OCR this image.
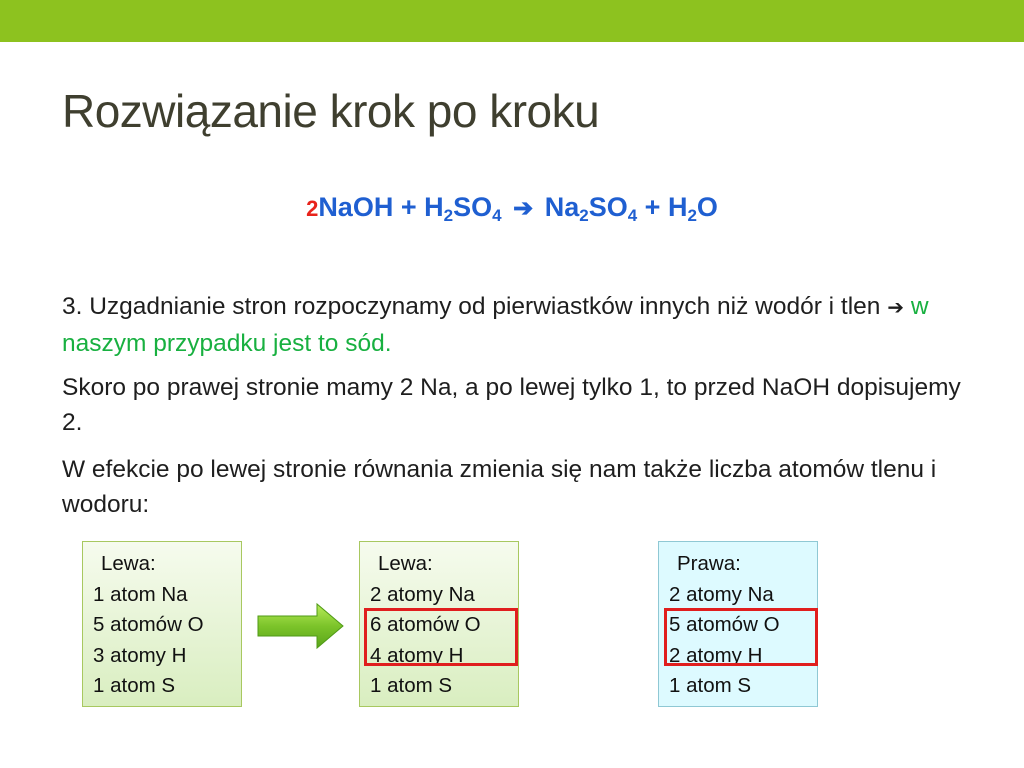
Rozwiązanie krok po kroku
2NaOH + $H_2SO_4$ ➔ $Na_2SO_4 + H_2O$

3. Uzgadnianie stron rozpoczynamy od pierwiastków innych niż wodór i tlen ➔ w naszym przypadku jest to sód.

Skoro po prawej stronie mamy 2 Na, a po lewej tylko 1, to przed NaOH dopisujemy 2.

W efekcie po lewej stronie równania zmienia się nam także liczba atomów tlenu i wodoru:

Lewa:
1 atom Na
5 atomów O
3 atomy H
1 atom S
Lewa:
2 atomy Na
6 atomów O
4 atomy H
1 atom S
Prawa:
2 atomy Na
5 atomów O
2 atomy H
1 atom S
